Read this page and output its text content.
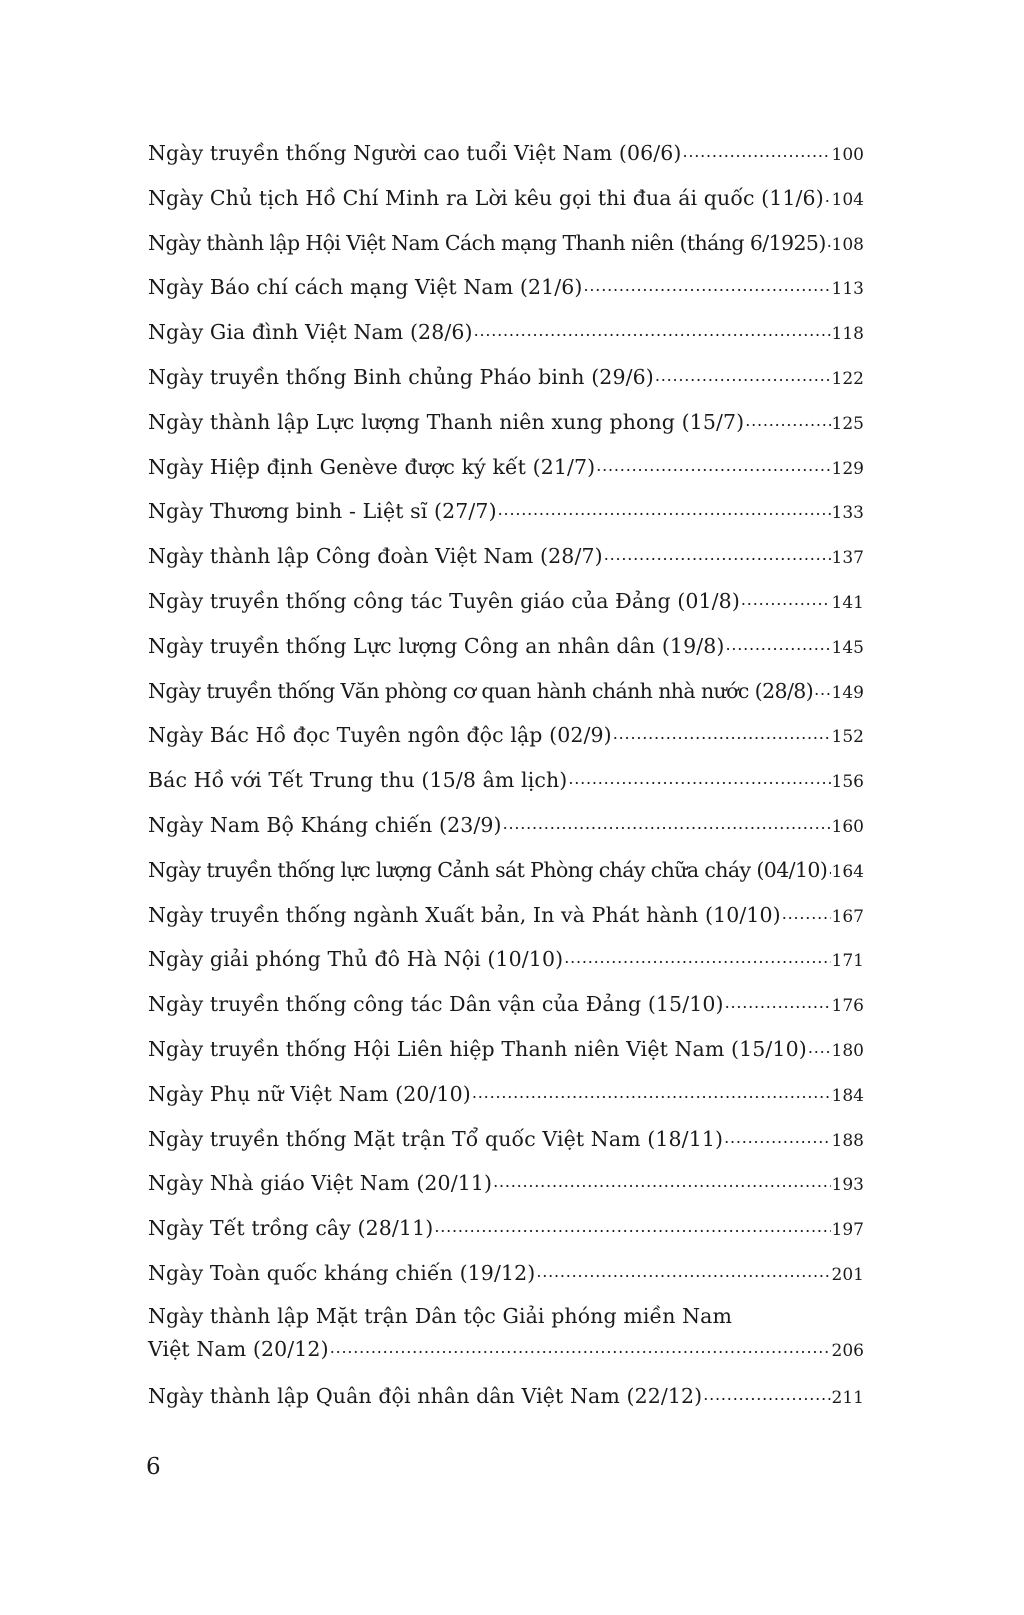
Ngày truyền thống Người cao tuổi Việt Nam (06/6) .....	100
Ngày Chủ tịch Hồ Chí Minh ra Lời kêu gọi thi đua ái quốc (11/6) ..... 104
Ngày thành lập Hội Việt Nam Cách mạng Thanh niên (tháng 6/1925) ..... 108
Ngày Báo chí cách mạng Việt Nam (21/6) .....	113
Ngày Gia đình Việt Nam (28/6) .....	118
Ngày truyền thống Binh chủng Pháo binh (29/6) .....	122
Ngày thành lập Lực lượng Thanh niên xung phong (15/7) .....	125
Ngày Hiệp định Genève được ký kết (21/7) .....	129
Ngày Thương binh - Liệt sĩ (27/7) .....	133
Ngày thành lập Công đoàn Việt Nam (28/7) .....	137
Ngày truyền thống công tác Tuyên giáo của Đảng (01/8) .....	141
Ngày truyền thống Lực lượng Công an nhân dân (19/8) .....	145
Ngày truyền thống Văn phòng cơ quan hành chánh nhà nước (28/8) ..... 149
Ngày Bác Hồ đọc Tuyên ngôn độc lập (02/9) .....	152
Bác Hồ với Tết Trung thu (15/8 âm lịch) .....	156
Ngày Nam Bộ Kháng chiến (23/9) .....	160
Ngày truyền thống lực lượng Cảnh sát Phòng cháy chữa cháy (04/10) ..... 164
Ngày truyền thống ngành Xuất bản, In và Phát hành (10/10) .....	167
Ngày giải phóng Thủ đô Hà Nội (10/10) .....	171
Ngày truyền thống công tác Dân vận của Đảng (15/10) .....	176
Ngày truyền thống Hội Liên hiệp Thanh niên Việt Nam (15/10) ..... 180
Ngày Phụ nữ Việt Nam (20/10) .....	184
Ngày truyền thống Mặt trận Tổ quốc Việt Nam (18/11) .....	188
Ngày Nhà giáo Việt Nam (20/11) .....	193
Ngày Tết trồng cây (28/11) .....	197
Ngày Toàn quốc kháng chiến (19/12) .....	201
Ngày thành lập Mặt trận Dân tộc Giải phóng miền Nam
Việt Nam (20/12) .....	206
Ngày thành lập Quân đội nhân dân Việt Nam (22/12) .....	211
6
